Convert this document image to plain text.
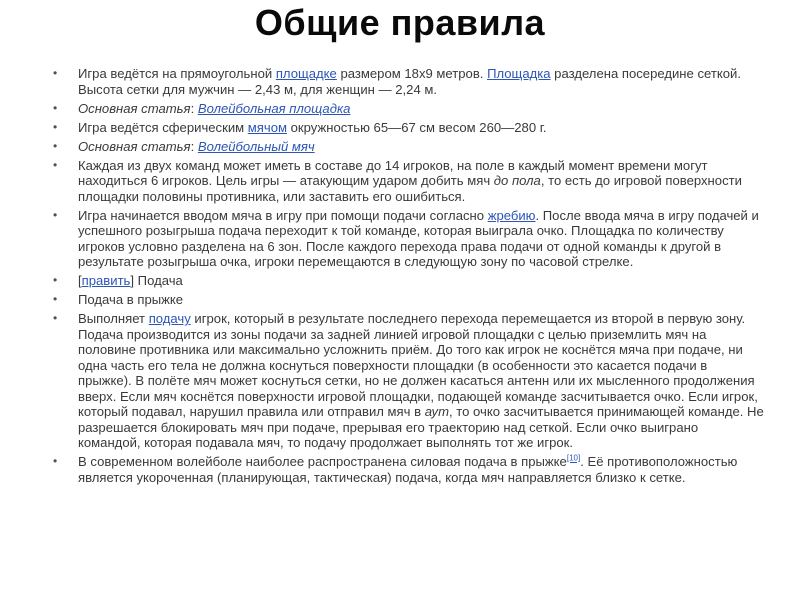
Общие правила
• Игра ведётся на прямоугольной площадке размером 18x9 метров. Площадка разделена посередине сеткой. Высота сетки для мужчин — 2,43 м, для женщин — 2,24 м.
• Основная статья: Волейбольная площадка
• Игра ведётся сферическим мячом окружностью 65—67 см весом 260—280 г.
• Основная статья: Волейбольный мяч
• Каждая из двух команд может иметь в составе до 14 игроков, на поле в каждый момент времени могут находиться 6 игроков. Цель игры — атакующим ударом добить мяч до пола, то есть до игровой поверхности площадки половины противника, или заставить его ошибиться.
• Игра начинается вводом мяча в игру при помощи подачи согласно жребию. После ввода мяча в игру подачей и успешного розыгрыша подача переходит к той команде, которая выиграла очко. Площадка по количеству игроков условно разделена на 6 зон. После каждого перехода права подачи от одной команды к другой в результате розыгрыша очка, игроки перемещаются в следующую зону по часовой стрелке.
• [править] Подача
• Подача в прыжке
• Выполняет подачу игрок, который в результате последнего перехода перемещается из второй в первую зону. Подача производится из зоны подачи за задней линией игровой площадки с целью приземлить мяч на половине противника или максимально усложнить приём. До того как игрок не коснётся мяча при подаче, ни одна часть его тела не должна коснуться поверхности площадки (в особенности это касается подачи в прыжке). В полёте мяч может коснуться сетки, но не должен касаться антенн или их мысленного продолжения вверх. Если мяч коснётся поверхности игровой площадки, подающей команде засчитывается очко. Если игрок, который подавал, нарушил правила или отправил мяч в аут, то очко засчитывается принимающей команде. Не разрешается блокировать мяч при подаче, прерывая его траекторию над сеткой. Если очко выиграно командой, которая подавала мяч, то подачу продолжает выполнять тот же игрок.
• В современном волейболе наиболее распространена силовая подача в прыжке[10]. Её противоположностью является укороченная (планирующая, тактическая) подача, когда мяч направляется близко к сетке.
